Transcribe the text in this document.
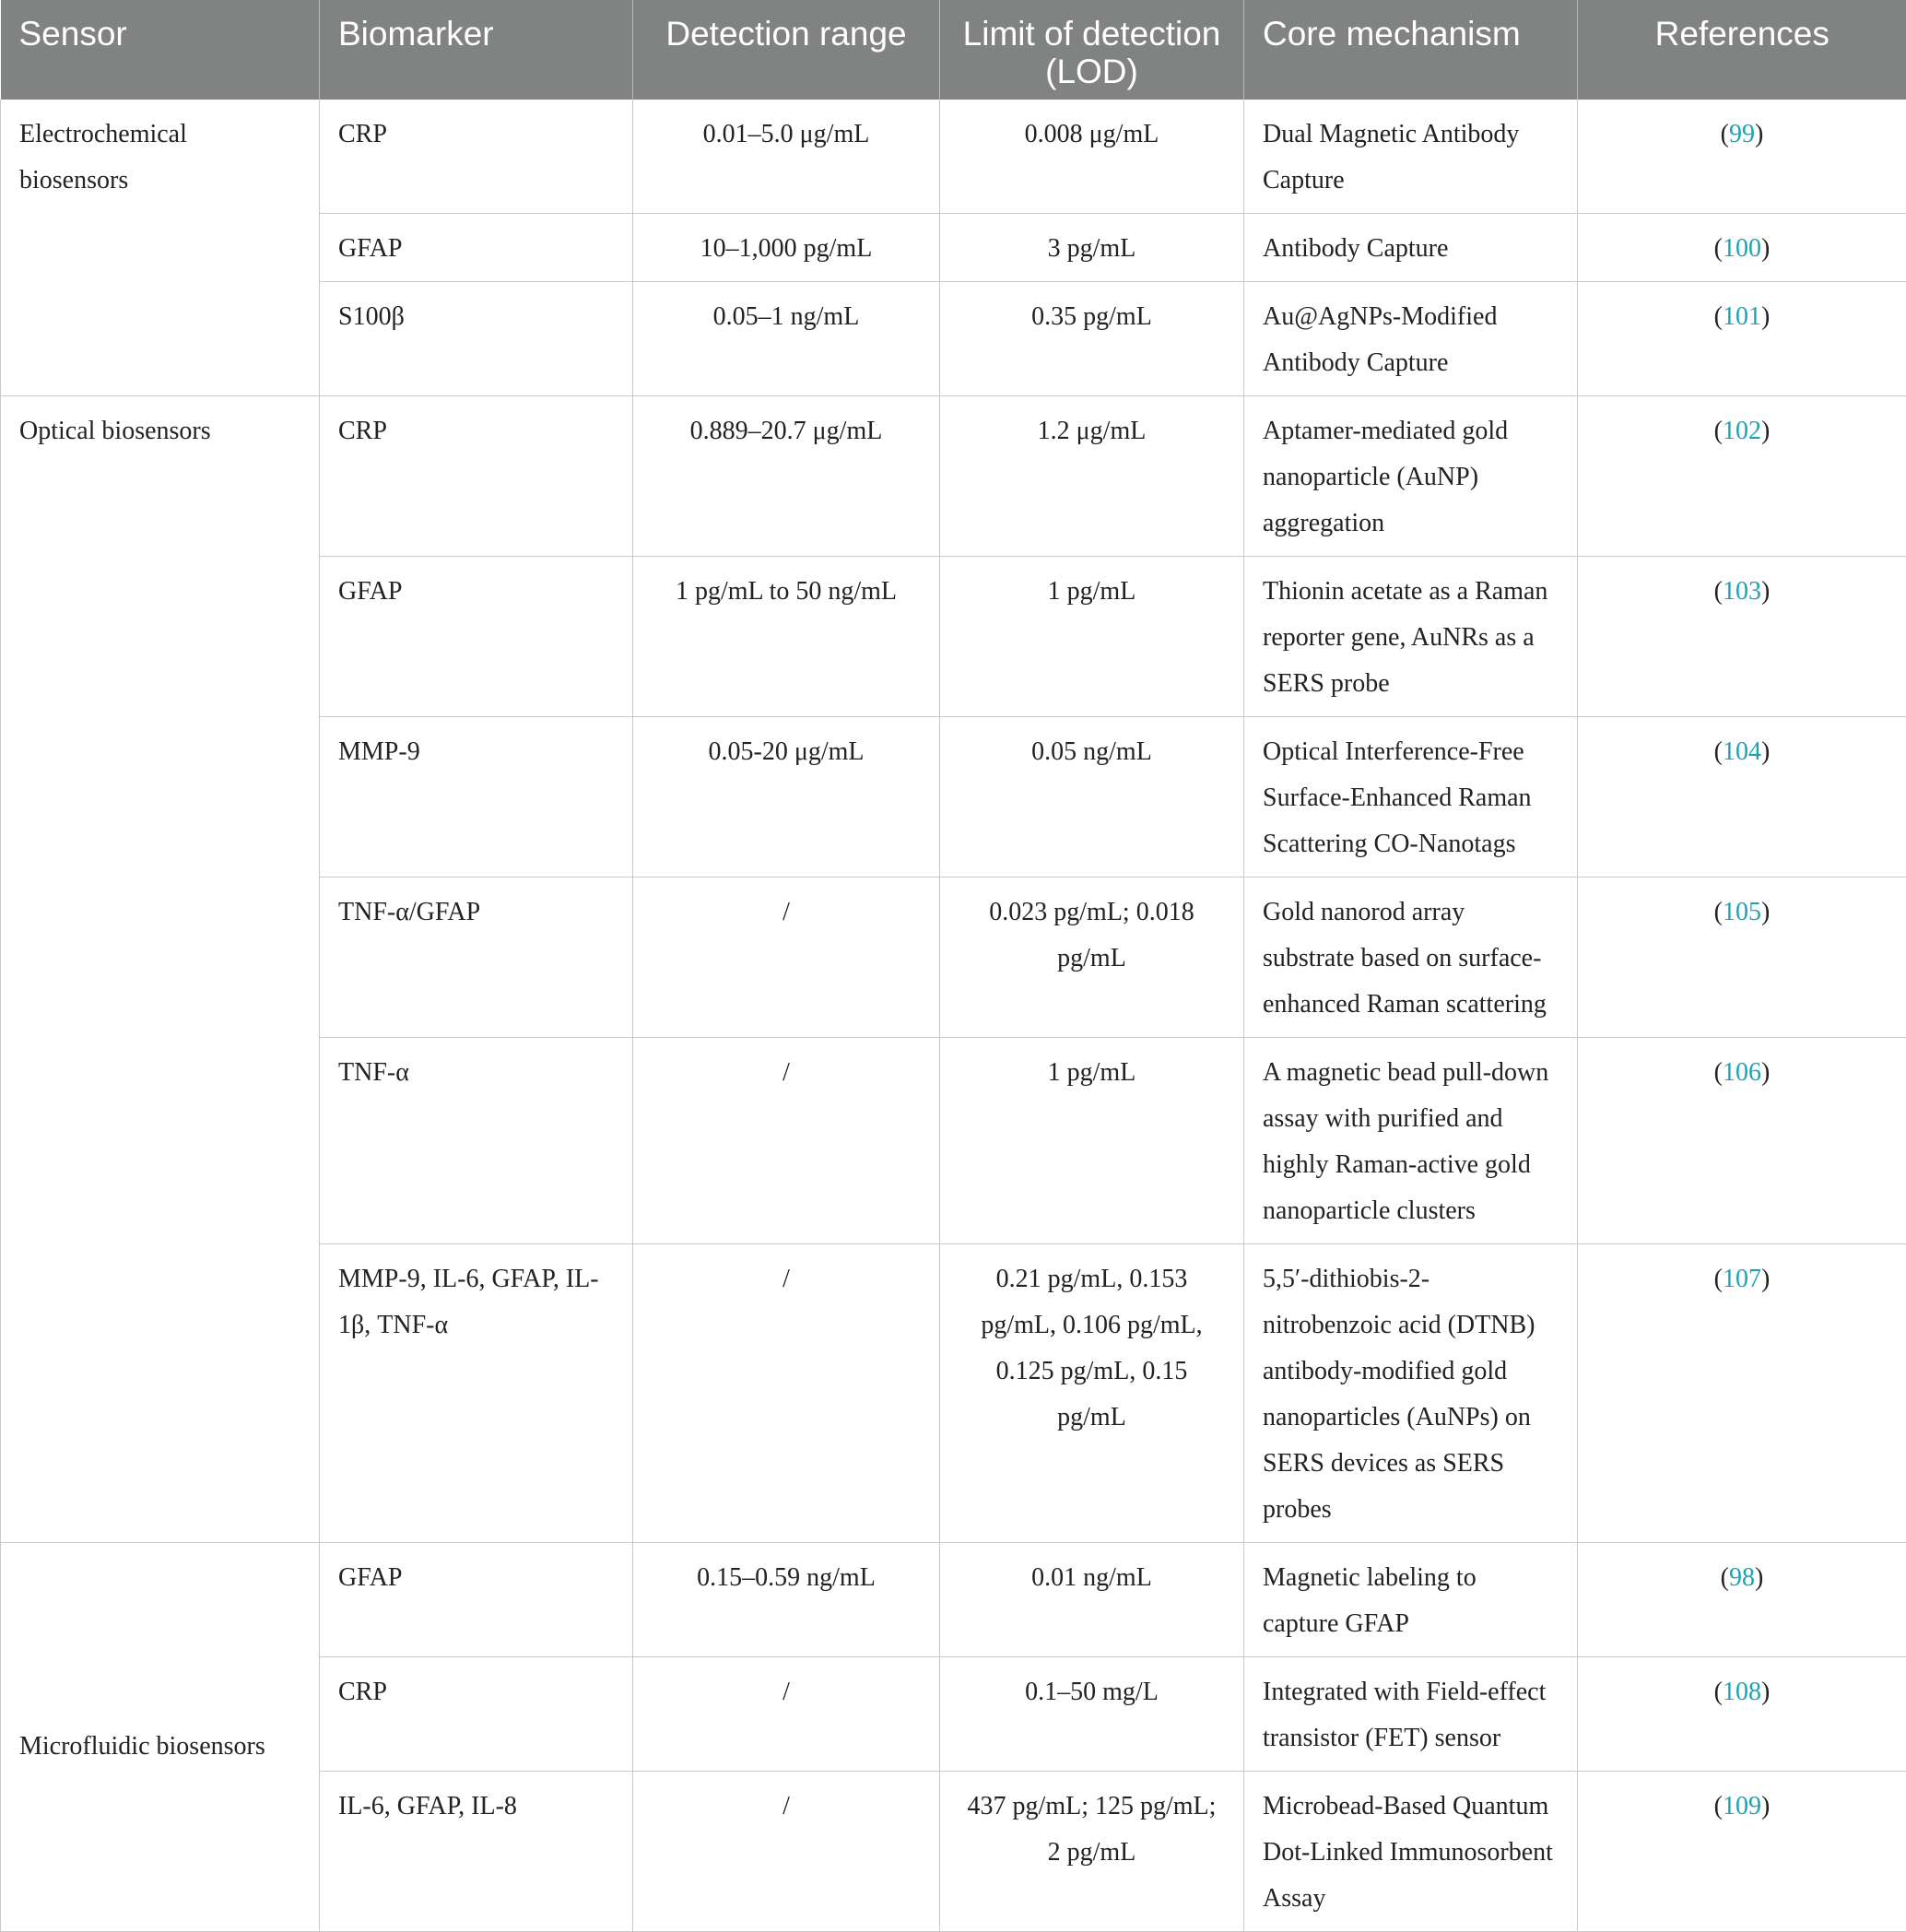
Sensor	Biomarker	Detection range	Limit of detection (LOD)	Core mechanism	References
Electrochemical biosensors	CRP	0.01–5.0 μg/mL	0.008 μg/mL	Dual Magnetic Antibody Capture	(99)
	GFAP	10–1,000 pg/mL	3 pg/mL	Antibody Capture	(100)
	S100β	0.05–1 ng/mL	0.35 pg/mL	Au@AgNPs-Modified Antibody Capture	(101)
Optical biosensors	CRP	0.889–20.7 μg/mL	1.2 μg/mL	Aptamer-mediated gold nanoparticle (AuNP) aggregation	(102)
	GFAP	1 pg/mL to 50 ng/mL	1 pg/mL	Thionin acetate as a Raman reporter gene, AuNRs as a SERS probe	(103)
	MMP-9	0.05-20 μg/mL	0.05 ng/mL	Optical Interference-Free Surface-Enhanced Raman Scattering CO-Nanotags	(104)
	TNF-α/GFAP	/	0.023 pg/mL; 0.018 pg/mL	Gold nanorod array substrate based on surface-enhanced Raman scattering	(105)
	TNF-α	/	1 pg/mL	A magnetic bead pull-down assay with purified and highly Raman-active gold nanoparticle clusters	(106)
	MMP-9, IL-6, GFAP, IL-1β, TNF-α	/	0.21 pg/mL, 0.153 pg/mL, 0.106 pg/mL, 0.125 pg/mL, 0.15 pg/mL	5,5′-dithiobis-2-nitrobenzoic acid (DTNB) antibody-modified gold nanoparticles (AuNPs) on SERS devices as SERS probes	(107)
Microfluidic biosensors	GFAP	0.15–0.59 ng/mL	0.01 ng/mL	Magnetic labeling to capture GFAP	(98)
	CRP	/	0.1–50 mg/L	Integrated with Field-effect transistor (FET) sensor	(108)
	IL-6, GFAP, IL-8	/	437 pg/mL; 125 pg/mL; 2 pg/mL	Microbead-Based Quantum Dot-Linked Immunosorbent Assay	(109)
